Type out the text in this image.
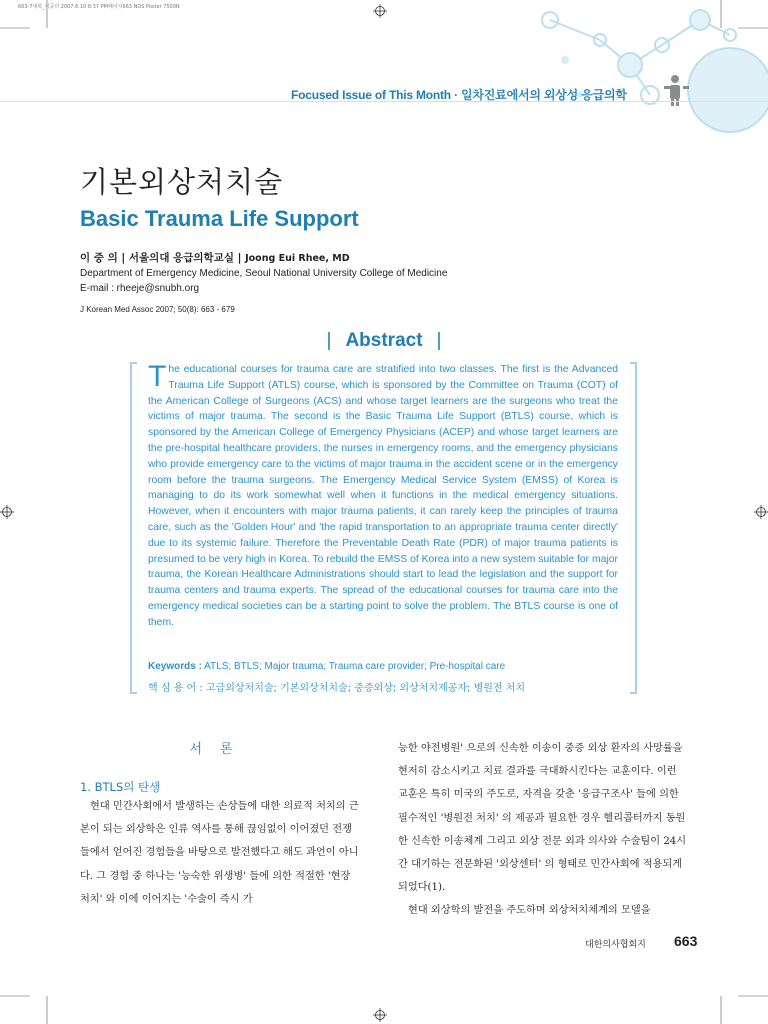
663-7대학_이중의 2007.6.10 8:37 PM페이지663 NOS Poster 7500N
Focused Issue of This Month · 일차진료에서의 외상성 응급의학
기본외상처치술
Basic Trauma Life Support
이 중 의 | 서울의대 응급의학교실 | Joong Eui Rhee, MD
Department of Emergency Medicine, Seoul National University College of Medicine
E-mail : rheeje@snubh.org
J Korean Med Assoc 2007; 50(8): 663 - 679
| Abstract |
The educational courses for trauma care are stratified into two classes. The first is the Advanced Trauma Life Support (ATLS) course, which is sponsored by the Committee on Trauma (COT) of the American College of Surgeons (ACS) and whose target learners are the surgeons who treat the victims of major trauma. The second is the Basic Trauma Life Support (BTLS) course, which is sponsored by the American College of Emergency Physicians (ACEP) and whose target learners are the pre-hospital healthcare providers, the nurses in emergency rooms, and the emergency physicians who provide emergency care to the victims of major trauma in the accident scene or in the emergency room before the trauma surgeons. The Emergency Medical Service System (EMSS) of Korea is managing to do its work somewhat well when it functions in the medical emergency situations. However, when it encounters with major trauma patients, it can rarely keep the principles of trauma care, such as the 'Golden Hour' and 'the rapid transportation to an appropriate trauma center directly' due to its systemic failure. Therefore the Preventable Death Rate (PDR) of major trauma patients is presumed to be very high in Korea. To rebuild the EMSS of Korea into a new system suitable for major trauma, the Korean Healthcare Administrations should start to lead the legislation and the support for trauma centers and trauma experts. The spread of the educational courses for trauma care into the emergency medical societies can be a starting point to solve the problem. The BTLS course is one of them.
Keywords : ATLS; BTLS; Major trauma; Trauma care provider; Pre-hospital care
핵 심 용 어 : 고급외상처치술; 기본외상처치술; 중증외상; 외상처치제공자; 병원전 처치
서론
1. BTLS의 탄생

현대 민간사회에서 발생하는 손상들에 대한 의료적 처치의 근본이 되는 외상학은 인류 역사를 통해 끊임없이 이어졌던 전쟁들에서 얻어진 경험들을 바탕으로 발전했다고 해도 과언이 아니다. 그 경험 중 하나는 '능숙한 위생병' 들에 의한 적절한 '현장 처치' 와 이에 이어지는 '수술이 즉시 가

능한 야전병원' 으로의 신속한 이송이 중증 외상 환자의 사망률을 현저히 감소시키고 치료 결과를 극대화시킨다는 교훈이다. 이런 교훈은 특히 미국의 주도로, 자격을 갖춘 '응급구조사' 들에 의한 필수적인 '병원전 처치' 의 제공과 필요한 경우 헬리콥터까지 동원한 신속한 이송체계 그리고 외상 전문 외과 의사와 수술팀이 24시간 대기하는 전문화된 '외상센터' 의 형태로 민간사회에 적용되게 되었다(1).

현대 외상학의 발전을 주도하며 외상처치체계의 모델을

대한의사협회지 663
